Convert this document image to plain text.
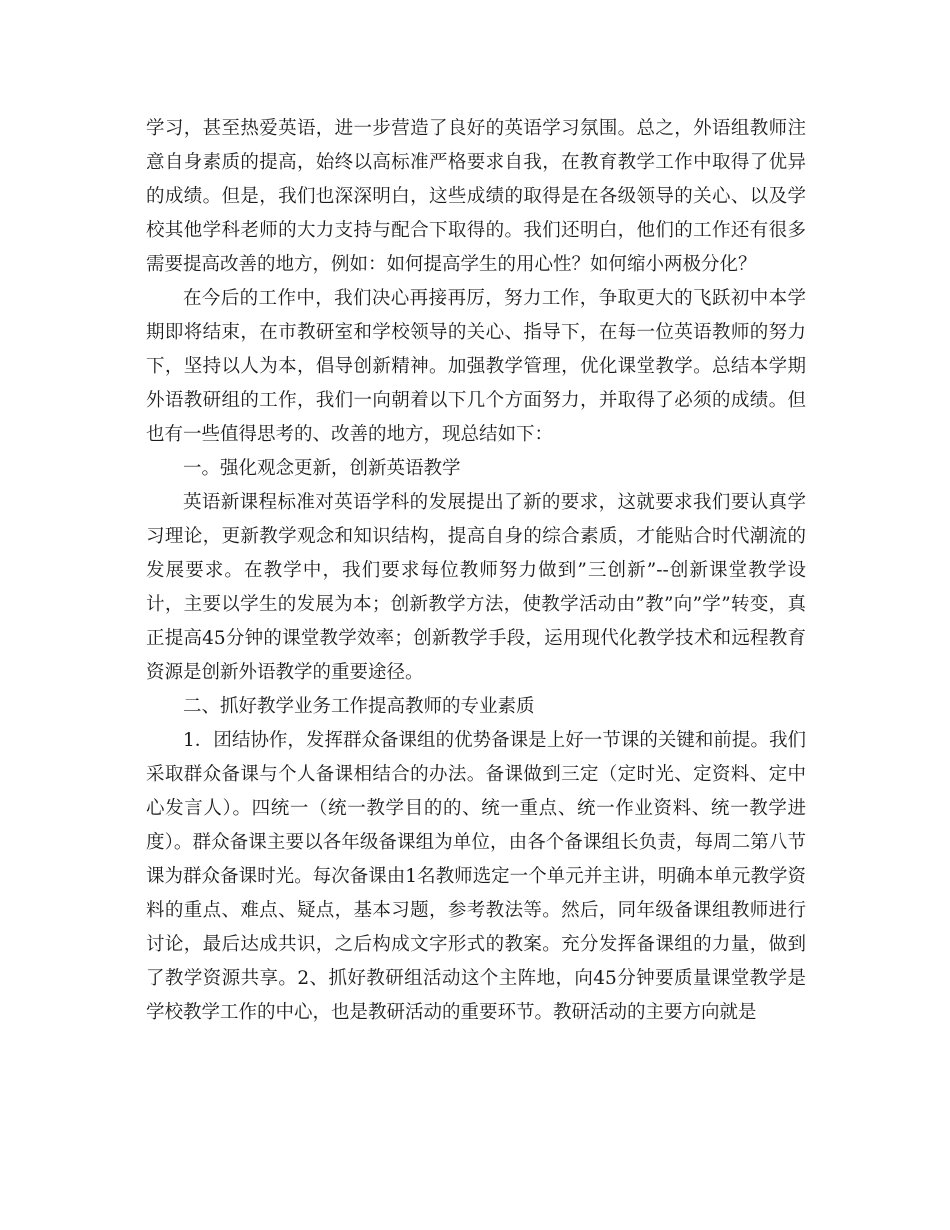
学习，甚至热爱英语，进一步营造了良好的英语学习氛围。总之，外语组教师注意自身素质的提高，始终以高标准严格要求自我，在教育教学工作中取得了优异的成绩。但是，我们也深深明白，这些成绩的取得是在各级领导的关心、以及学校其他学科老师的大力支持与配合下取得的。我们还明白，他们的工作还有很多需要提高改善的地方，例如：如何提高学生的用心性？如何缩小两极分化？

在今后的工作中，我们决心再接再厉，努力工作，争取更大的飞跃初中本学期即将结束，在市教研室和学校领导的关心、指导下，在每一位英语教师的努力下，坚持以人为本，倡导创新精神。加强教学管理，优化课堂教学。总结本学期外语教研组的工作，我们一向朝着以下几个方面努力，并取得了必须的成绩。但也有一些值得思考的、改善的地方，现总结如下：

一。强化观念更新，创新英语教学

英语新课程标准对英语学科的发展提出了新的要求，这就要求我们要认真学习理论，更新教学观念和知识结构，提高自身的综合素质，才能贴合时代潮流的发展要求。在教学中，我们要求每位教师努力做到”三创新”--创新课堂教学设计，主要以学生的发展为本；创新教学方法，使教学活动由”教”向”学”转变，真正提高45分钟的课堂教学效率；创新教学手段，运用现代化教学技术和远程教育资源是创新外语教学的重要途径。

二、抓好教学业务工作提高教师的专业素质

1．团结协作，发挥群众备课组的优势备课是上好一节课的关键和前提。我们采取群众备课与个人备课相结合的办法。备课做到三定（定时光、定资料、定中心发言人）。四统一（统一教学目的的、统一重点、统一作业资料、统一教学进度）。群众备课主要以各年级备课组为单位，由各个备课组长负责，每周二第八节课为群众备课时光。每次备课由1名教师选定一个单元并主讲，明确本单元教学资料的重点、难点、疑点，基本习题，参考教法等。然后，同年级备课组教师进行讨论，最后达成共识，之后构成文字形式的教案。充分发挥备课组的力量，做到了教学资源共享。2、抓好教研组活动这个主阵地，向45分钟要质量课堂教学是学校教学工作的中心，也是教研活动的重要环节。教研活动的主要方向就是
